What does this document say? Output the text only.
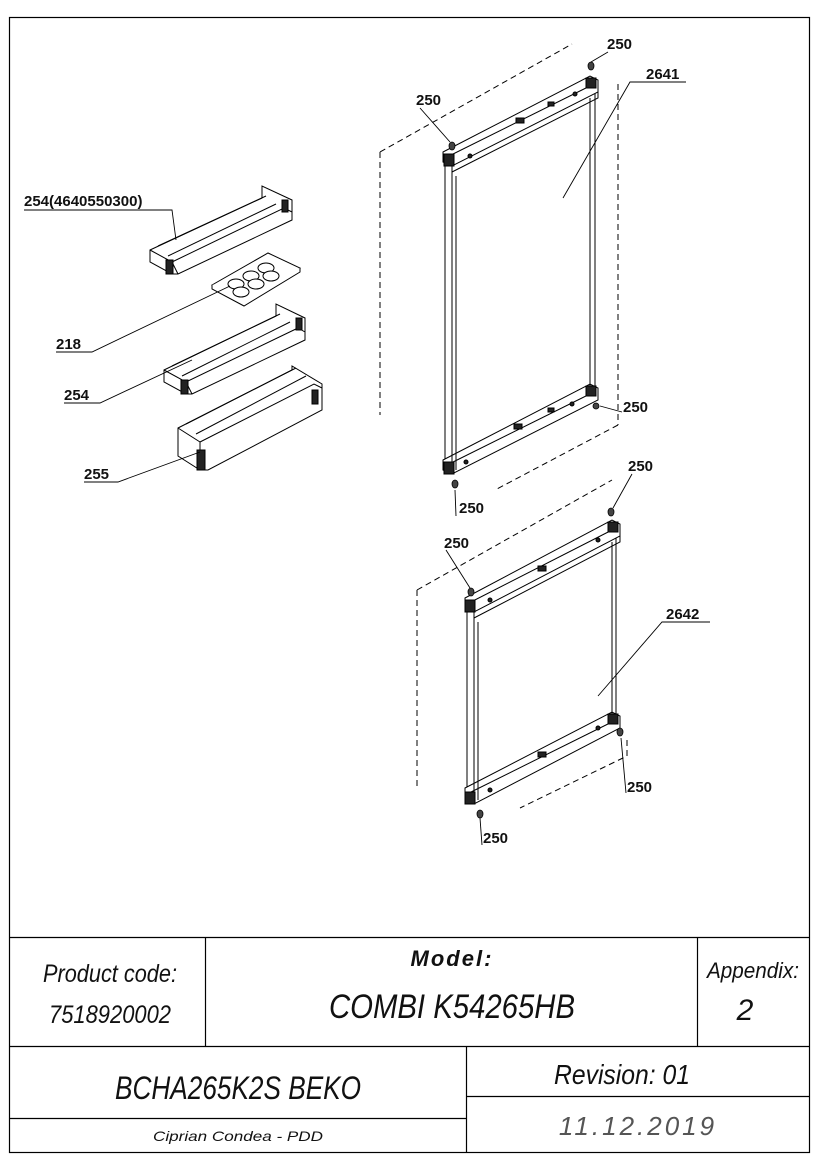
254(4640550300)
218
254
255
2641
2642
250
250
250
250
250
250
250
250
Product code:
7518920002
Model:
COMBI K54265HB
Appendix:
2
BCHA265K2S BEKO
Ciprian Condea - PDD
Revision: 01
11.12.2019
